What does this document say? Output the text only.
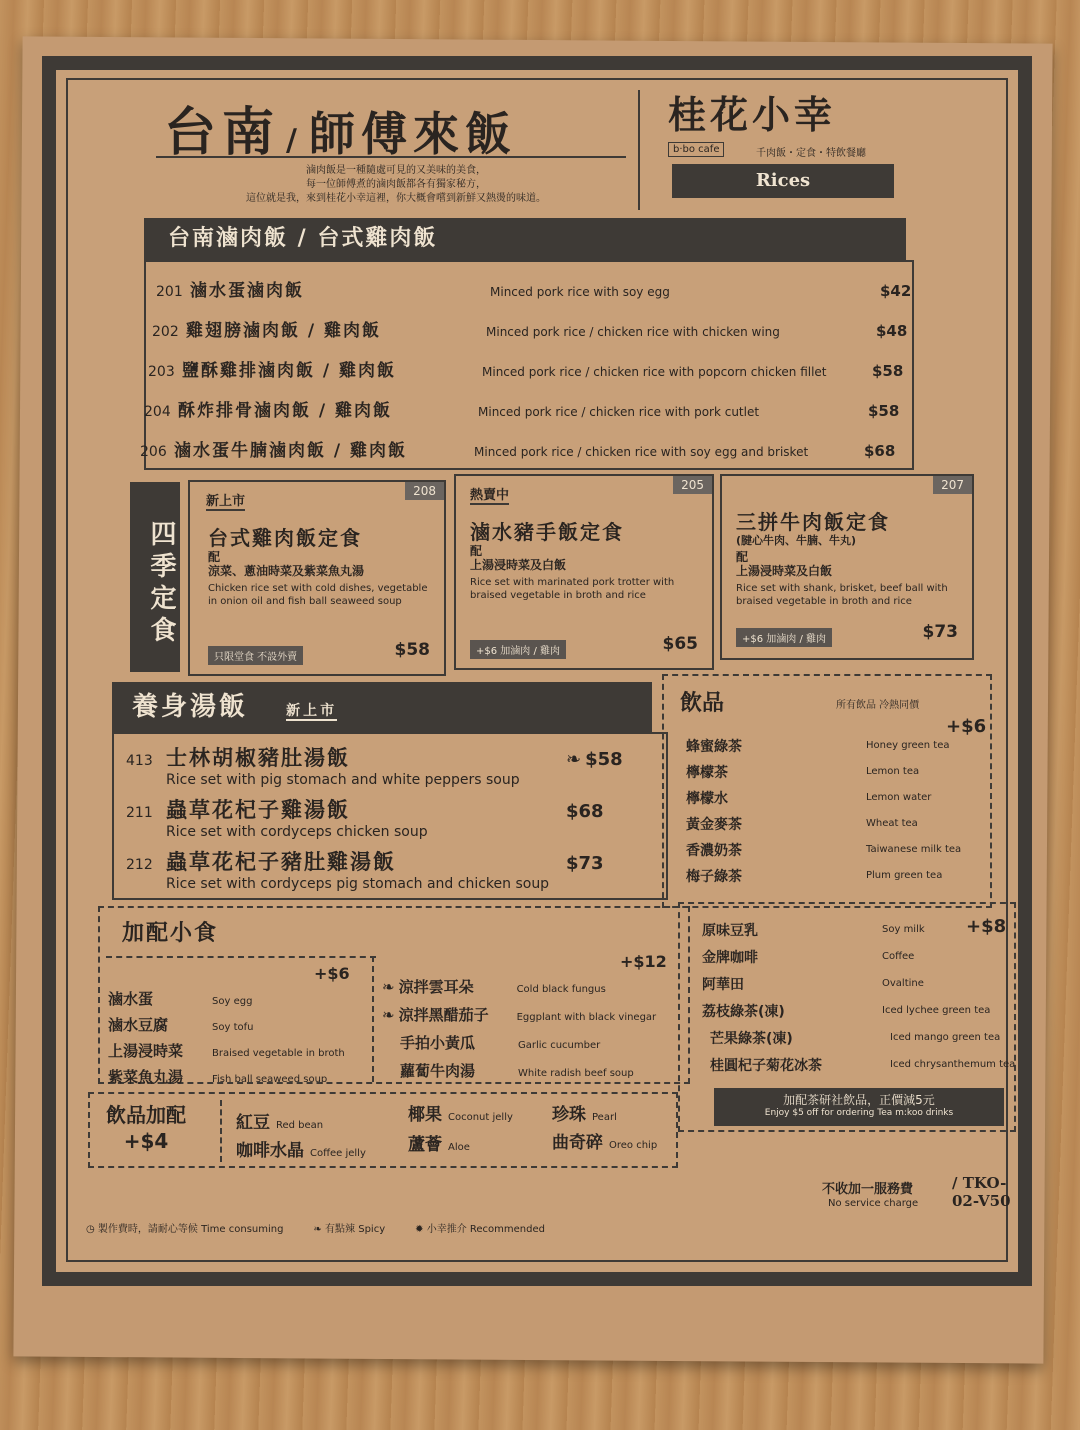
台南 / 師傅來飯
滷肉飯是一種隨處可見的又美味的美食，
每一位師傅煮的滷肉飯都各有獨家秘方，
這位就是我，來到桂花小幸這裡，你大概會嚐到新鮮又熱燙的味道。
桂花小幸
b·bo cafe	千肉飯・定食・特飲餐廳
Rices
台南滷肉飯 / 台式雞肉飯
201 滷水蛋滷肉飯	Minced pork rice with soy egg	$42
202 雞翅膀滷肉飯 / 雞肉飯	Minced pork rice / chicken rice with chicken wing	$48
203 鹽酥雞排滷肉飯 / 雞肉飯	Minced pork rice / chicken rice with popcorn chicken fillet	$58
204 酥炸排骨滷肉飯 / 雞肉飯	Minced pork rice / chicken rice with pork cutlet	$58
206 滷水蛋牛腩滷肉飯 / 雞肉飯	Minced pork rice / chicken rice with soy egg and brisket	$68
四季定食
208
新上市
台式雞肉飯定食
配
涼菜、蔥油時菜及紫菜魚丸湯
Chicken rice set with cold dishes, vegetable in onion oil and fish ball seaweed soup
只限堂食 不設外賣	$58
205
熱賣中
滷水豬手飯定食
配
上湯浸時菜及白飯
Rice set with marinated pork trotter with braised vegetable in broth and rice
+$6 加滷肉 / 雞肉	$65
207
三拼牛肉飯定食
(腱心牛肉、牛腩、牛丸)
配
上湯浸時菜及白飯
Rice set with shank, brisket, beef ball with braised vegetable in broth and rice
+$6 加滷肉 / 雞肉	$73
養身湯飯	新上市
413 士林胡椒豬肚湯飯	❧ $58
Rice set with pig stomach and white peppers soup
211 蟲草花杞子雞湯飯	$68
Rice set with cordyceps chicken soup
212 蟲草花杞子豬肚雞湯飯	$73
Rice set with cordyceps pig stomach and chicken soup
飲品	所有飲品 冷熱同價
+$6
蜂蜜綠茶	Honey green tea
檸檬茶	Lemon tea
檸檬水	Lemon water
黃金麥茶	Wheat tea
香濃奶茶	Taiwanese milk tea
梅子綠茶	Plum green tea
+$8
原味豆乳	Soy milk
金牌咖啡	Coffee
阿華田	Ovaltine
荔枝綠茶(凍)	Iced lychee green tea
芒果綠茶(凍)	Iced mango green tea
桂圓杞子菊花冰茶	Iced chrysanthemum tea
加配茶研社飲品，正價減5元
Enjoy $5 off for ordering Tea m:koo drinks
加配小食
+$6
+$12
滷水蛋	Soy egg
滷水豆腐	Soy tofu
上湯浸時菜	Braised vegetable in broth
紫菜魚丸湯	Fish ball seaweed soup
❧ 涼拌雲耳朵	Cold black fungus
❧ 涼拌黑醋茄子	Eggplant with black vinegar
手拍小黃瓜	Garlic cucumber
蘿蔔牛肉湯	White radish beef soup
飲品加配
+$4
紅豆 Red bean
咖啡水晶 Coffee jelly
椰果 Coconut jelly
蘆薈 Aloe
珍珠 Pearl
曲奇碎 Oreo chip
不收加一服務費
No service charge
/ TKO-02-V50
◷ 製作費時，請耐心等候 Time consuming	❧ 有點辣 Spicy	✹ 小幸推介 Recommended
